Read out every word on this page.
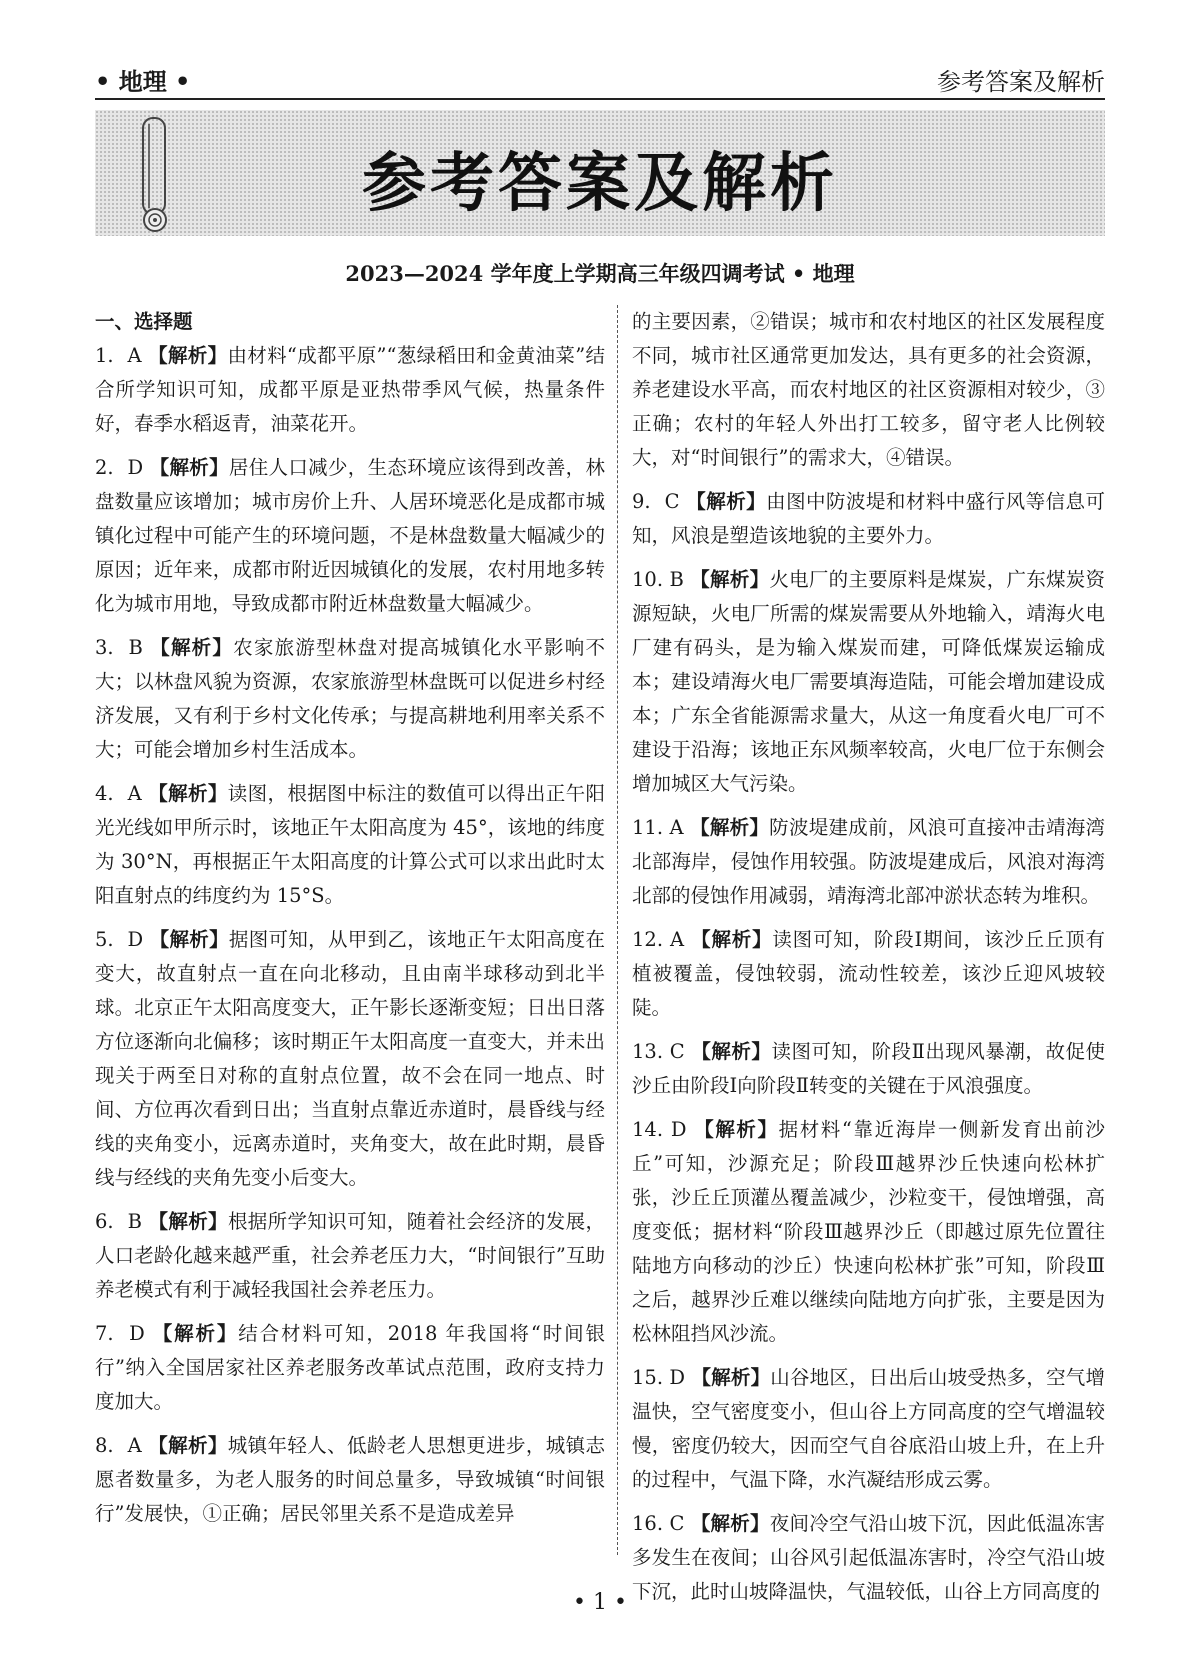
• 地理 •	参考答案及解析
参考答案及解析
2023—2024 学年度上学期高三年级四调考试 • 地理
一、选择题
1. A 【解析】由材料“成都平原”“葱绿稻田和金黄油菜”结合所学知识可知，成都平原是亚热带季风气候，热量条件好，春季水稻返青，油菜花开。
2. D 【解析】居住人口减少，生态环境应该得到改善，林盘数量应该增加；城市房价上升、人居环境恶化是成都市城镇化过程中可能产生的环境问题，不是林盘数量大幅减少的原因；近年来，成都市附近因城镇化的发展，农村用地多转化为城市用地，导致成都市附近林盘数量大幅减少。
3. B 【解析】农家旅游型林盘对提高城镇化水平影响不大；以林盘风貌为资源，农家旅游型林盘既可以促进乡村经济发展，又有利于乡村文化传承；与提高耕地利用率关系不大；可能会增加乡村生活成本。
4. A 【解析】读图，根据图中标注的数值可以得出正午阳光光线如甲所示时，该地正午太阳高度为 45°，该地的纬度为 30°N，再根据正午太阳高度的计算公式可以求出此时太阳直射点的纬度约为 15°S。
5. D 【解析】据图可知，从甲到乙，该地正午太阳高度在变大，故直射点一直在向北移动，且由南半球移动到北半球。北京正午太阳高度变大，正午影长逐渐变短；日出日落方位逐渐向北偏移；该时期正午太阳高度一直变大，并未出现关于两至日对称的直射点位置，故不会在同一地点、时间、方位再次看到日出；当直射点靠近赤道时，晨昏线与经线的夹角变小，远离赤道时，夹角变大，故在此时期，晨昏线与经线的夹角先变小后变大。
6. B 【解析】根据所学知识可知，随着社会经济的发展，人口老龄化越来越严重，社会养老压力大，“时间银行”互助养老模式有利于减轻我国社会养老压力。
7. D 【解析】结合材料可知，2018 年我国将“时间银行”纳入全国居家社区养老服务改革试点范围，政府支持力度加大。
8. A 【解析】城镇年轻人、低龄老人思想更进步，城镇志愿者数量多，为老人服务的时间总量多，导致城镇“时间银行”发展快，①正确；居民邻里关系不是造成差异
的主要因素，②错误；城市和农村地区的社区发展程度不同，城市社区通常更加发达，具有更多的社会资源，养老建设水平高，而农村地区的社区资源相对较少，③正确；农村的年轻人外出打工较多，留守老人比例较大，对“时间银行”的需求大，④错误。
9. C 【解析】由图中防波堤和材料中盛行风等信息可知，风浪是塑造该地貌的主要外力。
10. B 【解析】火电厂的主要原料是煤炭，广东煤炭资源短缺，火电厂所需的煤炭需要从外地输入，靖海火电厂建有码头，是为输入煤炭而建，可降低煤炭运输成本；建设靖海火电厂需要填海造陆，可能会增加建设成本；广东全省能源需求量大，从这一角度看火电厂可不建设于沿海；该地正东风频率较高，火电厂位于东侧会增加城区大气污染。
11. A 【解析】防波堤建成前，风浪可直接冲击靖海湾北部海岸，侵蚀作用较强。防波堤建成后，风浪对海湾北部的侵蚀作用减弱，靖海湾北部冲淤状态转为堆积。
12. A 【解析】读图可知，阶段Ⅰ期间，该沙丘丘顶有植被覆盖，侵蚀较弱，流动性较差，该沙丘迎风坡较陡。
13. C 【解析】读图可知，阶段Ⅱ出现风暴潮，故促使沙丘由阶段Ⅰ向阶段Ⅱ转变的关键在于风浪强度。
14. D 【解析】据材料“靠近海岸一侧新发育出前沙丘”可知，沙源充足；阶段Ⅲ越界沙丘快速向松林扩张，沙丘丘顶灌丛覆盖减少，沙粒变干，侵蚀增强，高度变低；据材料“阶段Ⅲ越界沙丘（即越过原先位置往陆地方向移动的沙丘）快速向松林扩张”可知，阶段Ⅲ之后，越界沙丘难以继续向陆地方向扩张，主要是因为松林阻挡风沙流。
15. D 【解析】山谷地区，日出后山坡受热多，空气增温快，空气密度变小，但山谷上方同高度的空气增温较慢，密度仍较大，因而空气自谷底沿山坡上升，在上升的过程中，气温下降，水汽凝结形成云雾。
16. C 【解析】夜间冷空气沿山坡下沉，因此低温冻害多发生在夜间；山谷风引起低温冻害时，冷空气沿山坡下沉，此时山坡降温快，气温较低，山谷上方同高度的
• 1 •
